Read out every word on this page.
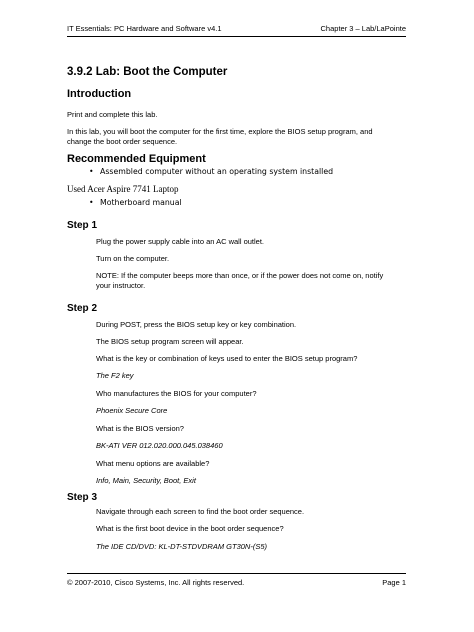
IT Essentials: PC Hardware and Software v4.1	Chapter 3 – Lab/LaPointe
3.9.2 Lab: Boot the Computer
Introduction
Print and complete this lab.
In this lab, you will boot the computer for the first time, explore the BIOS setup program, and
change the boot order sequence.
Recommended Equipment
• Assembled computer without an operating system installed
Used Acer Aspire 7741 Laptop
• Motherboard manual
Step 1
Plug the power supply cable into an AC wall outlet.
Turn on the computer.
NOTE: If the computer beeps more than once, or if the power does not come on, notify
your instructor.
Step 2
During POST, press the BIOS setup key or key combination.
The BIOS setup program screen will appear.
What is the key or combination of keys used to enter the BIOS setup program?
The F2 key
Who manufactures the BIOS for your computer?
Phoenix Secure Core
What is the BIOS version?
BK-ATI VER 012.020.000.045.038460
What menu options are available?
Info, Main, Security, Boot, Exit
Step 3
Navigate through each screen to find the boot order sequence.
What is the first boot device in the boot order sequence?
The IDE CD/DVD: KL-DT-STDVDRAM GT30N-(S5)
© 2007-2010, Cisco Systems, Inc. All rights reserved.	Page 1
